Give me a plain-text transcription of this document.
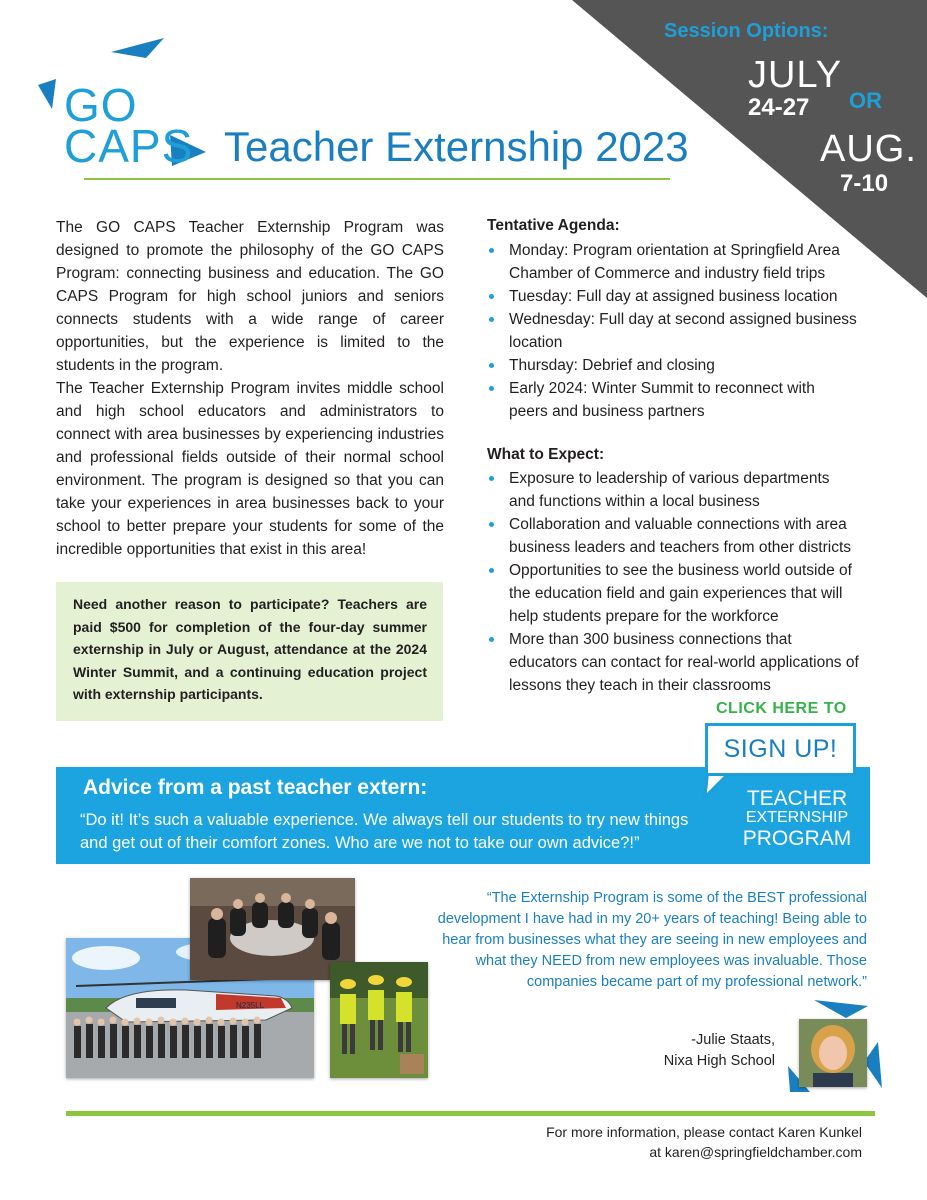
Session Options:
JULY
24-27 OR
AUG.
7-10
GO
CAPS Teacher Externship 2023
The GO CAPS Teacher Externship Program was designed to promote the philosophy of the GO CAPS Program: connecting business and education. The GO CAPS Program for high school juniors and seniors connects students with a wide range of career opportunities, but the experience is limited to the students in the program.
The Teacher Externship Program invites middle school and high school educators and administrators to connect with area businesses by experiencing industries and professional fields outside of their normal school environment. The program is designed so that you can take your experiences in area businesses back to your school to better prepare your students for some of the incredible opportunities that exist in this area!

Need another reason to participate? Teachers are paid $500 for completion of the four-day summer externship in July or August, attendance at the 2024 Winter Summit, and a continuing education project with externship participants.

Tentative Agenda:
Monday: Program orientation at Springfield Area Chamber of Commerce and industry field trips
Tuesday: Full day at assigned business location
Wednesday: Full day at second assigned business location
Thursday: Debrief and closing
Early 2024: Winter Summit to reconnect with peers and business partners
What to Expect:
Exposure to leadership of various departments and functions within a local business
Collaboration and valuable connections with area business leaders and teachers from other districts
Opportunities to see the business world outside of the education field and gain experiences that will help students prepare for the workforce
More than 300 business connections that educators can contact for real-world applications of lessons they teach in their classrooms
Advice from a past teacher extern:
“Do it! It’s such a valuable experience. We always tell our students to try new things and get out of their comfort zones. Who are we not to take our own advice?!”
TEACHER
EXTERNSHIP
PROGRAM
CLICK HERE TO
SIGN UP!
N235LL
“The Externship Program is some of the BEST professional development I have had in my 20+ years of teaching! Being able to hear from businesses what they are seeing in new employees and what they NEED from new employees was invaluable. Those companies became part of my professional network.”
-Julie Staats,
Nixa High School
For more information, please contact Karen Kunkel
at karen@springfieldchamber.com
